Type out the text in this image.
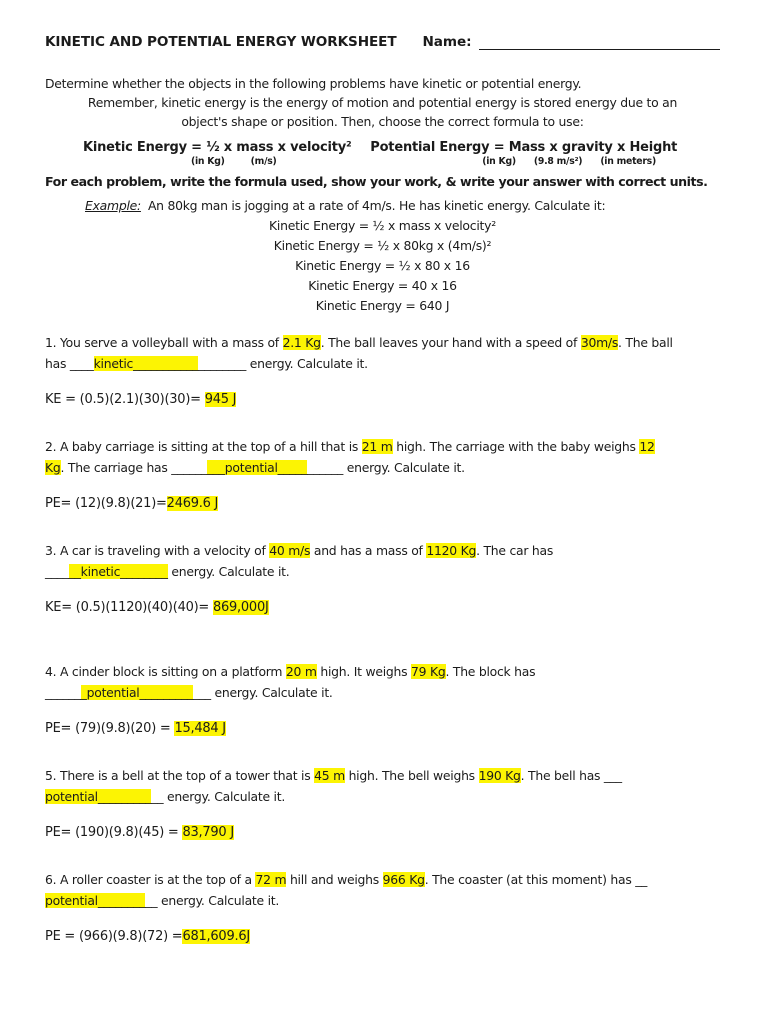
KINETIC AND POTENTIAL ENERGY WORKSHEET Name:
Determine whether the objects in the following problems have kinetic or potential energy.
Remember, kinetic energy is the energy of motion and potential energy is stored energy due to an
object's shape or position. Then, choose the correct formula to use:
Kinetic Energy = ½ x mass x velocity²
(in Kg)	(m/s)
Potential Energy = Mass x gravity x Height
(in Kg) (9.8 m/s²) (in meters)
For each problem, write the formula used, show your work, & write your answer with correct units.
Example: An 80kg man is jogging at a rate of 4m/s. He has kinetic energy. Calculate it:
Kinetic Energy = ½ x mass x velocity²
Kinetic Energy = ½ x 80kg x (4m/s)²
Kinetic Energy = ½ x 80 x 16
Kinetic Energy = 40 x 16
Kinetic Energy = 640 J
1. You serve a volleyball with a mass of 2.1 Kg. The ball leaves your hand with a speed of 30m/s. The ball
has ____kinetic___________________ energy. Calculate it.
KE = (0.5)(2.1)(30)(30)= 945 J
2. A baby carriage is sitting at the top of a hill that is 21 m high. The carriage with the baby weighs 12
Kg. The carriage has _________potential___________ energy. Calculate it.
PE= (12)(9.8)(21)=2469.6 J
3. A car is traveling with a velocity of 40 m/s and has a mass of 1120 Kg. The car has
______kinetic________ energy. Calculate it.
KE= (0.5)(1120)(40)(40)= 869,000J
4. A cinder block is sitting on a platform 20 m high. It weighs 79 Kg. The block has
_______potential____________ energy. Calculate it.
PE= (79)(9.8)(20) = 15,484 J
5. There is a bell at the top of a tower that is 45 m high. The bell weighs 190 Kg. The bell has ___
potential___________ energy. Calculate it.
PE= (190)(9.8)(45) = 83,790 J
6. A roller coaster is at the top of a 72 m hill and weighs 966 Kg. The coaster (at this moment) has __
potential__________ energy. Calculate it.
PE = (966)(9.8)(72) =681,609.6J
